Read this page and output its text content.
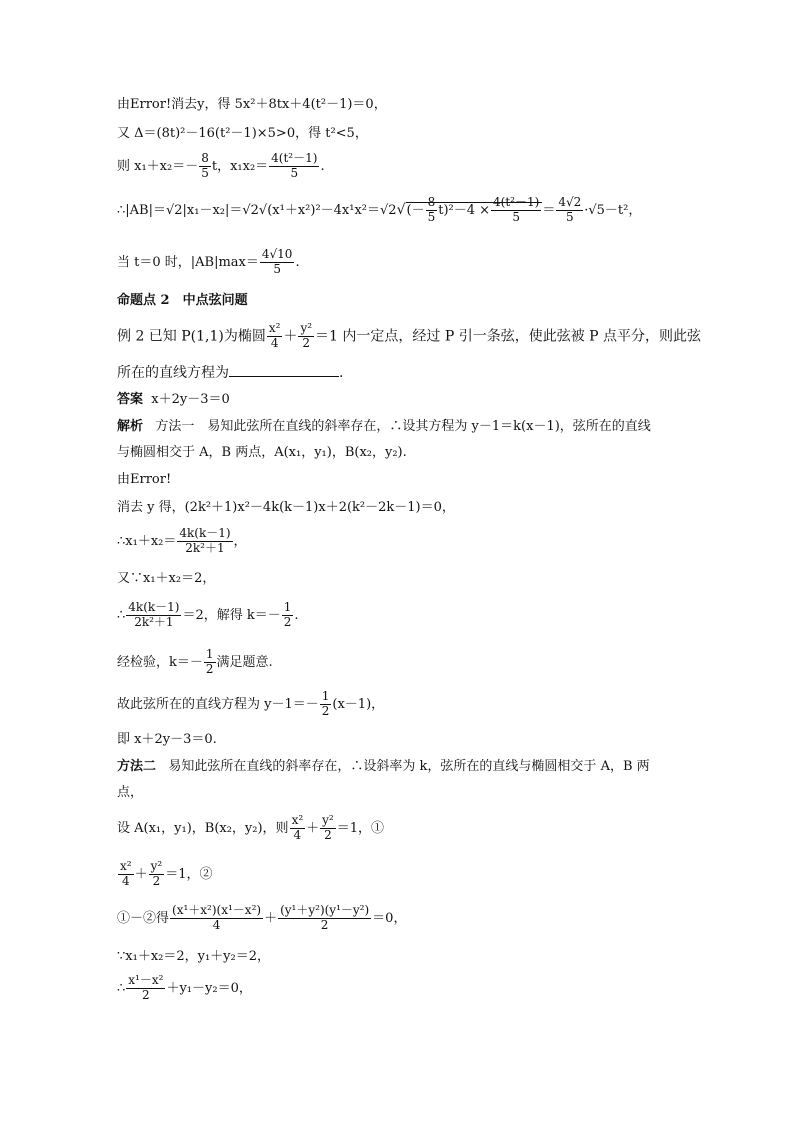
由Error!消去y，得 5x²＋8tx＋4(t²－1)＝0，
又 Δ＝(8t)²－16(t²－1)×5>0，得 t²<5，
则 $x_1+x_2=- \frac{8}{5}$ t，$x_1x_2= \frac{\text{4(t²－1)}}{5}$ .
∴|AB|＝√2|x₁－x₂|＝√2√(x¹＋x²)²－4x¹x²＝√2√(－ $\frac{8}{5} t)^2-4 \times \frac{\text{4(t²－1)}}{5} = \frac{4√2}{5} \cdot√5-t^2$，
当 t＝0 时，$|AB|\max= \frac{4√10}{5}$ .
命题点 2　中点弦问题
例 2 已知 P(1,1)为椭圆 $\frac{\text{x²}}{4} + \frac{\text{y²}}{2} =1$ 内一定点，经过 P 引一条弦，使此弦被 P 点平分，则此弦
所在的直线方程为	.
答案 x＋2y－3＝0
解析 方法一　易知此弦所在直线的斜率存在，∴设其方程为 y－1＝k(x－1)，弦所在的直线
与椭圆相交于 A，B 两点，A(x₁，y₁)，B(x₂，y₂).
由Error!
消去 y 得，(2k²＋1)x²－4k(k－1)x＋2(k²－2k－1)＝0，
∴x₁＋x₂＝ $\frac{4k(k-1)}{\text{2k²＋1}}$ ，
又∵x₁＋x₂＝2，
∴ $\frac{4k(k-1)}{\text{2k²＋1}} =2$，解得 $k=- \frac{1}{2}$ .
经检验，$k=- \frac{1}{2}$ 满足题意.
故此弦所在的直线方程为 $y-1=- \frac{1}{2} (x-1)$，
即 x＋2y－3＝0.
方法二 易知此弦所在直线的斜率存在，∴设斜率为 k，弦所在的直线与椭圆相交于 A，B 两
点，
设 A(x₁，y₁)，B(x₂，y₂)，则 $\frac{\text{x²}}{4} + \frac{\text{y²}}{2} =1$，①
$\frac{\text{x²}}{4} + \frac{\text{y²}}{2} =1$，②
①－②得 $\frac{\text{(x¹＋x²)(x¹－x²)}}{4} + \frac{\text{(y¹＋y²)(y¹－y²)}}{2} =0$，
∵x₁＋x₂＝2，y₁＋y₂＝2，
∴ $\frac{\text{x¹－x²}}{2} +y_1-y_2=0$，
